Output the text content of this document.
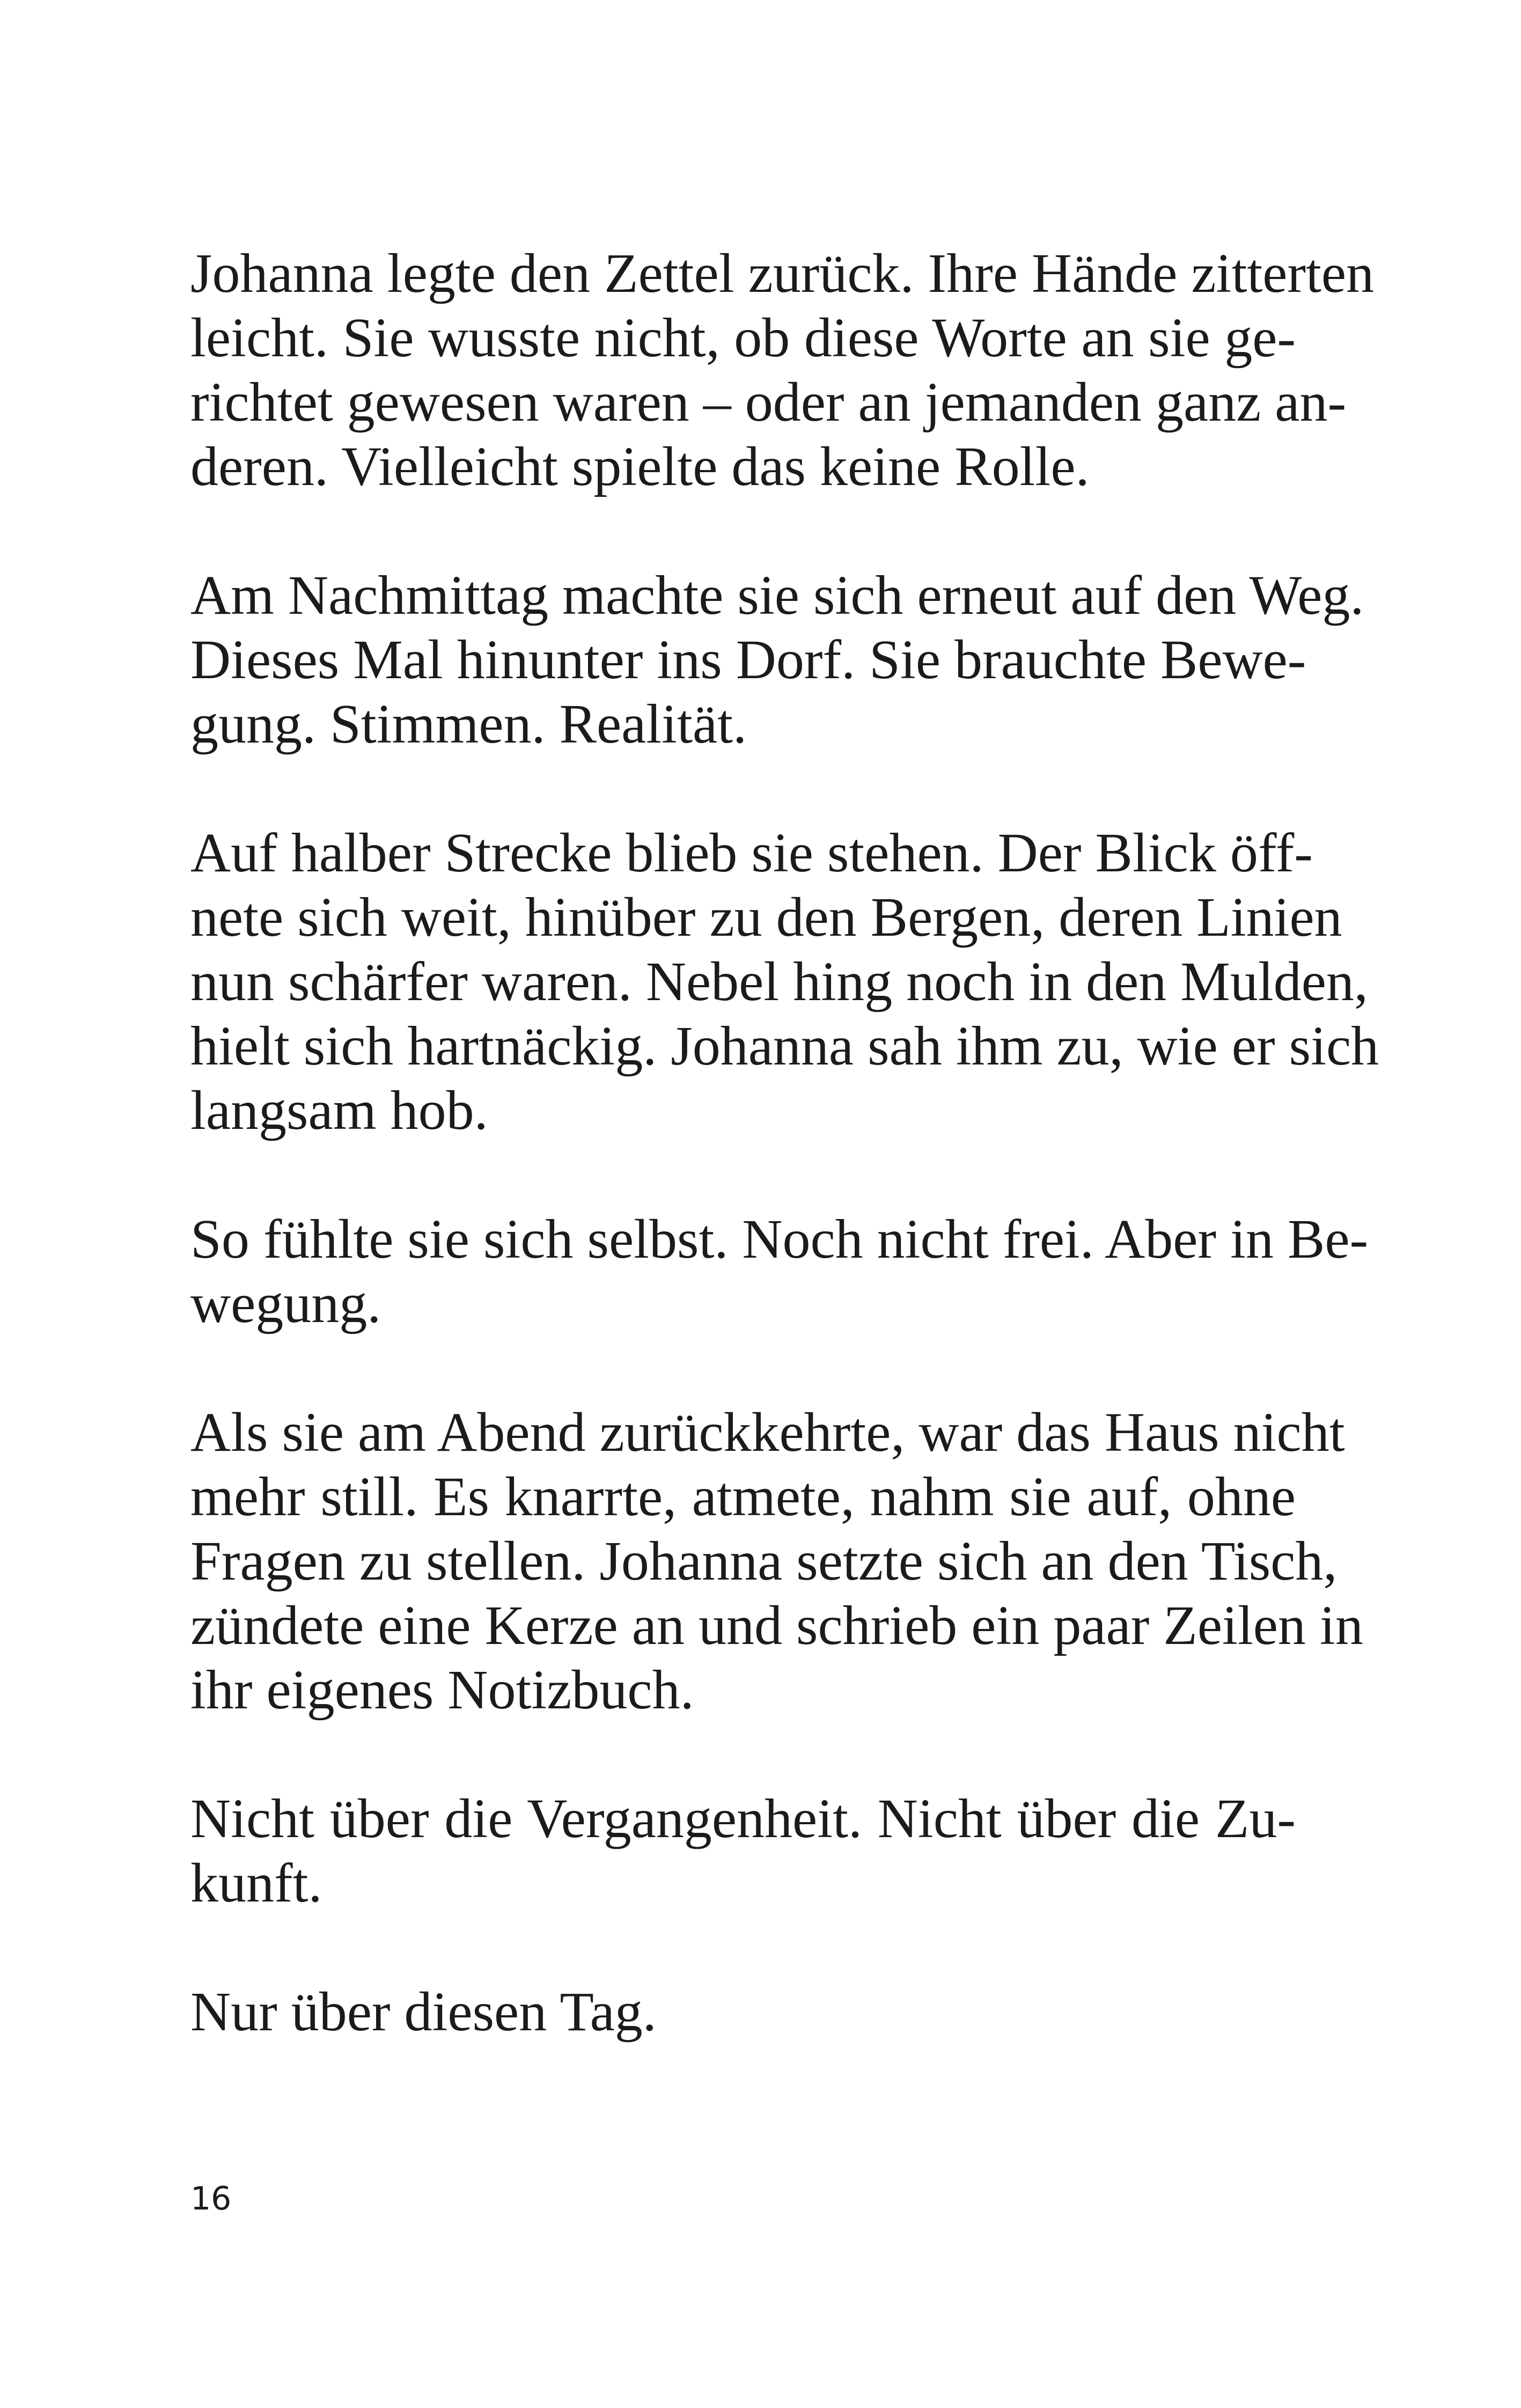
Johanna legte den Zettel zurück. Ihre Hände zitterten
leicht. Sie wusste nicht, ob diese Worte an sie ge-
richtet gewesen waren – oder an jemanden ganz an-
deren. Vielleicht spielte das keine Rolle.

Am Nachmittag machte sie sich erneut auf den Weg.
Dieses Mal hinunter ins Dorf. Sie brauchte Bewe-
gung. Stimmen. Realität.

Auf halber Strecke blieb sie stehen. Der Blick öff-
nete sich weit, hinüber zu den Bergen, deren Linien
nun schärfer waren. Nebel hing noch in den Mulden,
hielt sich hartnäckig. Johanna sah ihm zu, wie er sich
langsam hob.

So fühlte sie sich selbst. Noch nicht frei. Aber in Be-
wegung.

Als sie am Abend zurückkehrte, war das Haus nicht
mehr still. Es knarrte, atmete, nahm sie auf, ohne
Fragen zu stellen. Johanna setzte sich an den Tisch,
zündete eine Kerze an und schrieb ein paar Zeilen in
ihr eigenes Notizbuch.

Nicht über die Vergangenheit. Nicht über die Zu-
kunft.

Nur über diesen Tag.

16
